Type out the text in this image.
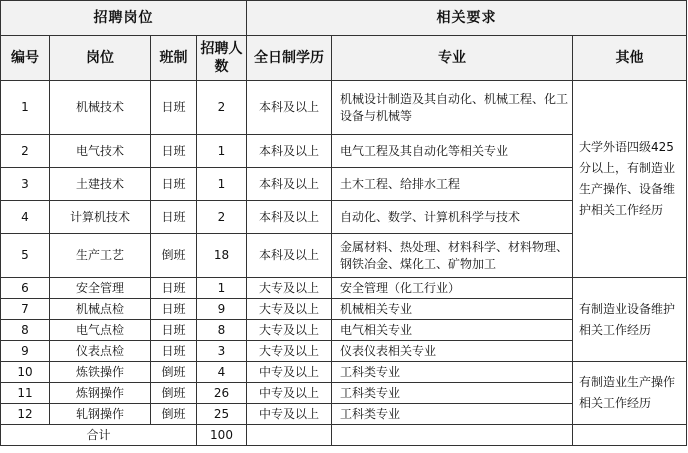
招聘岗位				相关要求		
编号	岗位	班制	招聘人数	全日制学历	专业	其他
1	机械技术	日班	2	本科及以上	机械设计制造及其自动化、机械工程、化工设备与机械等	大学外语四级425分以上，有制造业生产操作、设备维护相关工作经历
2	电气技术	日班	1	本科及以上	电气工程及其自动化等相关专业	
3	土建技术	日班	1	本科及以上	土木工程、给排水工程	
4	计算机技术	日班	2	本科及以上	自动化、数学、计算机科学与技术	
5	生产工艺	倒班	18	本科及以上	金属材料、热处理、材料科学、材料物理、钢铁冶金、煤化工、矿物加工	
6	安全管理	日班	1	大专及以上	安全管理（化工行业）	有制造业设备维护相关工作经历
7	机械点检	日班	9	大专及以上	机械相关专业	
8	电气点检	日班	8	大专及以上	电气相关专业	
9	仪表点检	日班	3	大专及以上	仪表仪表相关专业	
10	炼铁操作	倒班	4	中专及以上	工科类专业	有制造业生产操作相关工作经历
11	炼钢操作	倒班	26	中专及以上	工科类专业	
12	轧钢操作	倒班	25	中专及以上	工科类专业	
合计			100			
